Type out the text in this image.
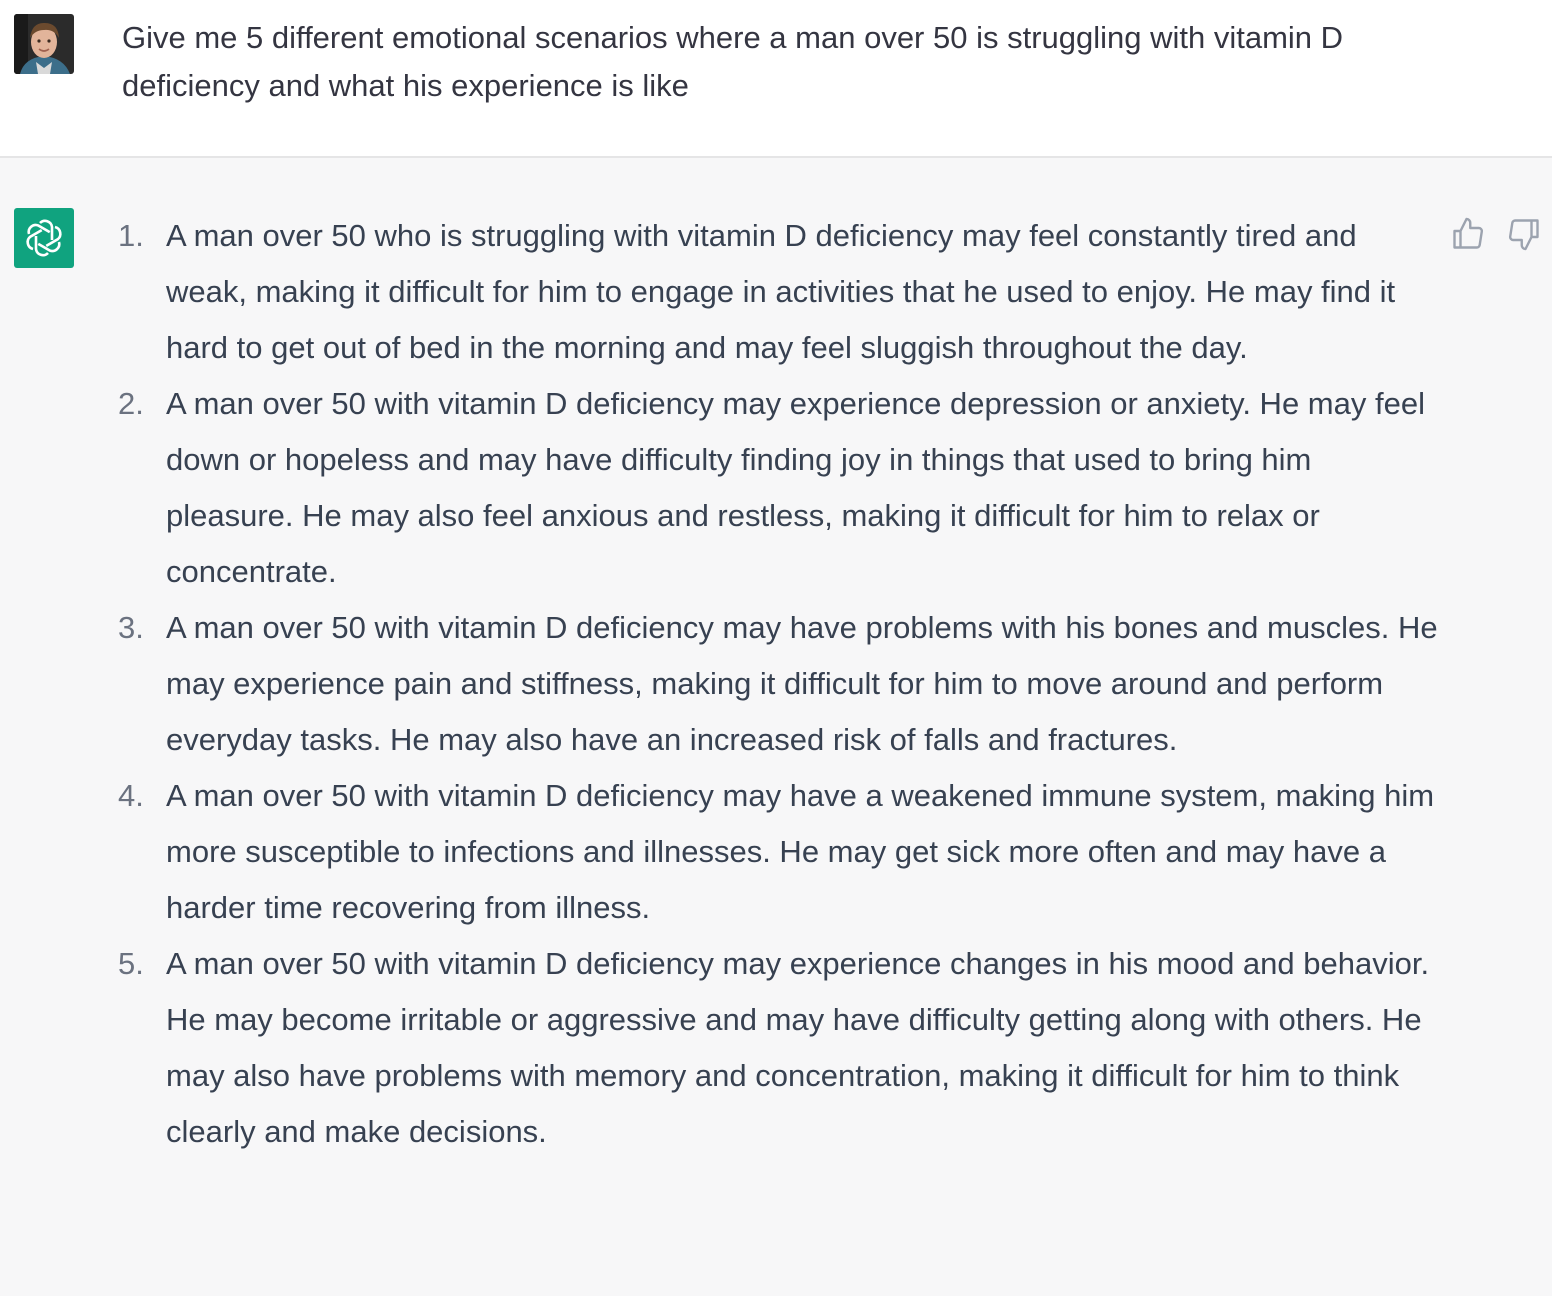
Give me 5 different emotional scenarios where a man over 50 is struggling with vitamin D deficiency and what his experience is like

1. A man over 50 who is struggling with vitamin D deficiency may feel constantly tired and weak, making it difficult for him to engage in activities that he used to enjoy. He may find it hard to get out of bed in the morning and may feel sluggish throughout the day.
2. A man over 50 with vitamin D deficiency may experience depression or anxiety. He may feel down or hopeless and may have difficulty finding joy in things that used to bring him pleasure. He may also feel anxious and restless, making it difficult for him to relax or concentrate.
3. A man over 50 with vitamin D deficiency may have problems with his bones and muscles. He may experience pain and stiffness, making it difficult for him to move around and perform everyday tasks. He may also have an increased risk of falls and fractures.
4. A man over 50 with vitamin D deficiency may have a weakened immune system, making him more susceptible to infections and illnesses. He may get sick more often and may have a harder time recovering from illness.
5. A man over 50 with vitamin D deficiency may experience changes in his mood and behavior. He may become irritable or aggressive and may have difficulty getting along with others. He may also have problems with memory and concentration, making it difficult for him to think clearly and make decisions.
